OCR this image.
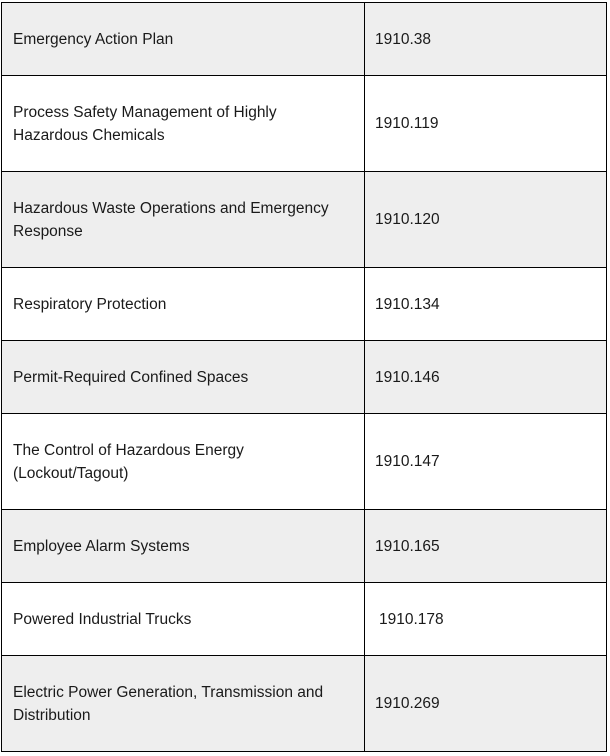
Emergency Action Plan	1910.38
Process Safety Management of Highly Hazardous Chemicals	1910.119
Hazardous Waste Operations and Emergency Response	1910.120
Respiratory Protection	1910.134
Permit-Required Confined Spaces	1910.146
The Control of Hazardous Energy (Lockout/Tagout)	1910.147
Employee Alarm Systems	1910.165
Powered Industrial Trucks	1910.178
Electric Power Generation, Transmission and Distribution	1910.269
